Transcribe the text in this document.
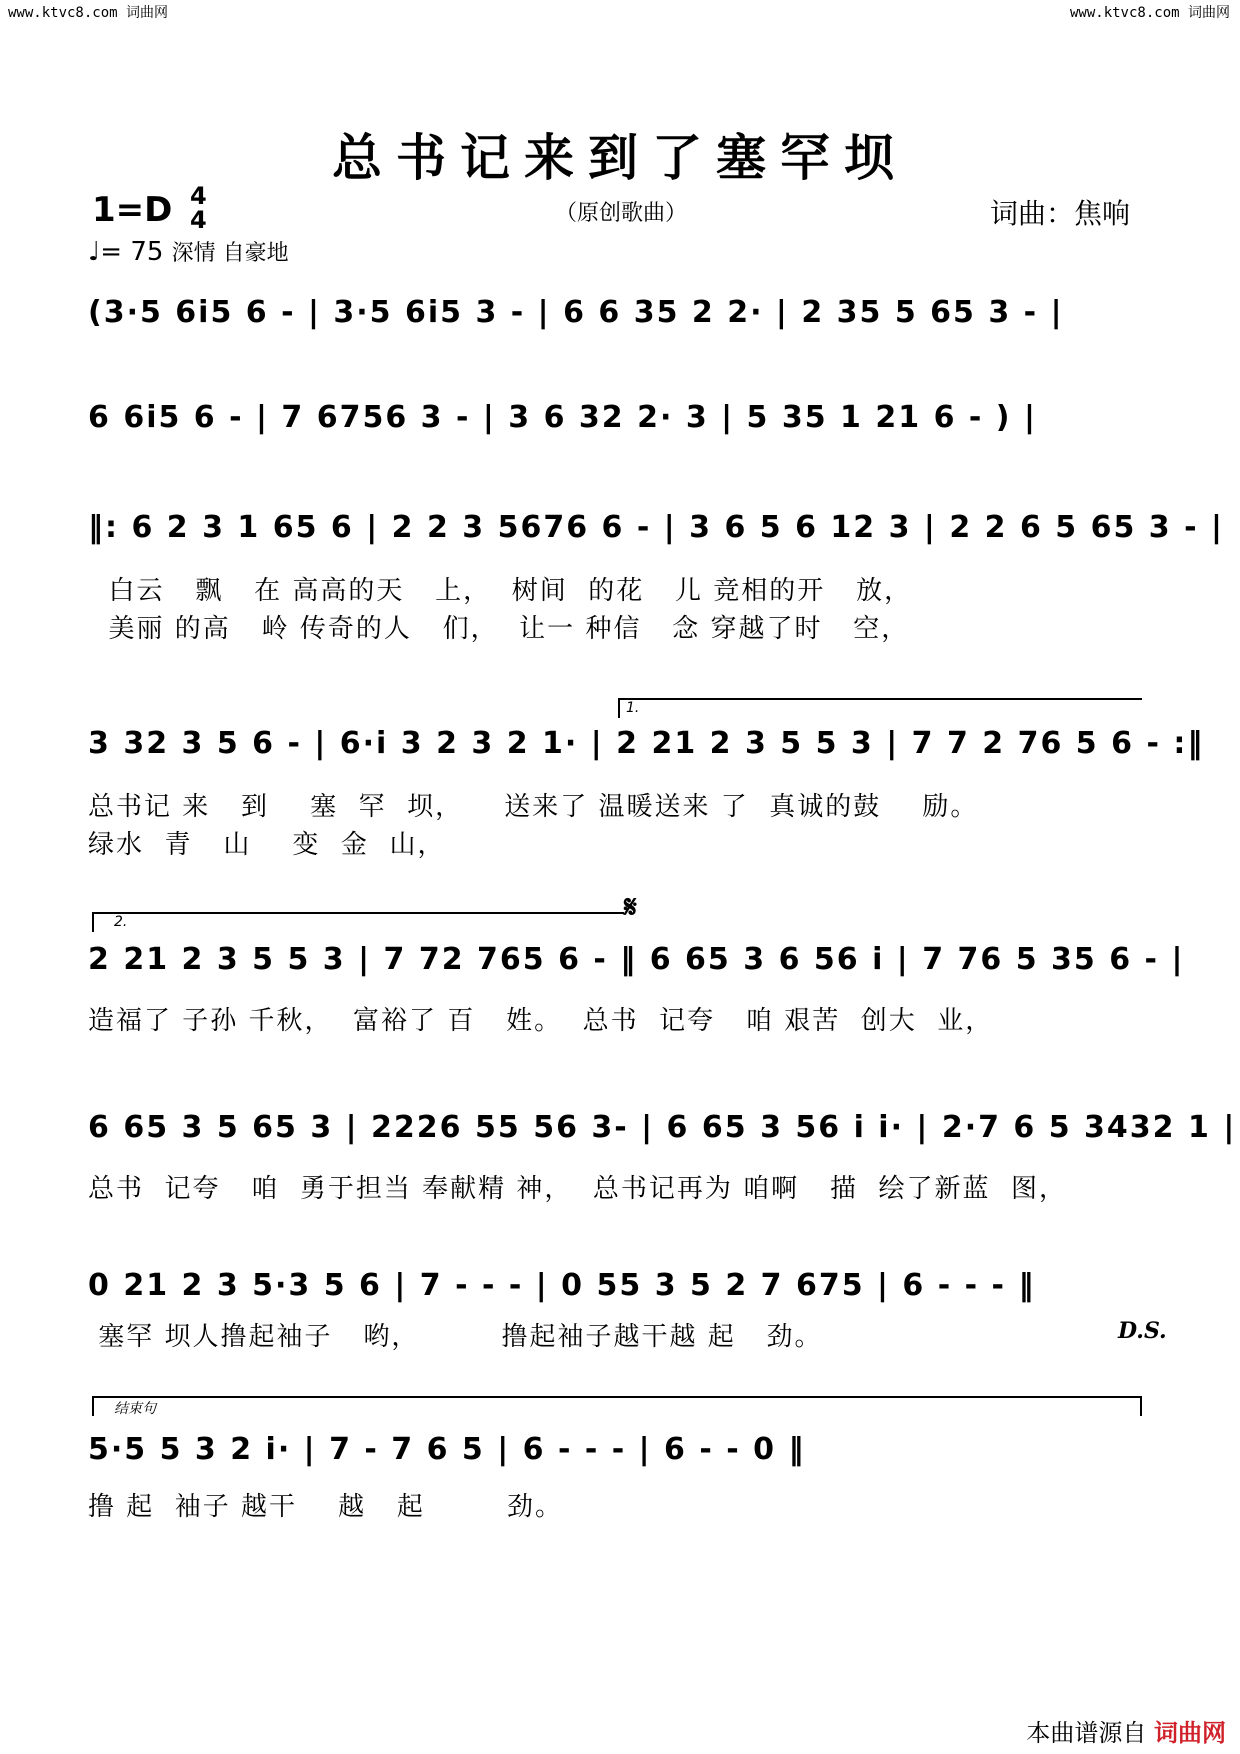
www.ktvc8.com 词曲网	www.ktvc8.com 词曲网
总书记来到了塞罕坝
1=D 4
4
♩= 75 深情 自豪地
（原创歌曲）	词曲：焦响
(3·5 6i5 6 - | 3·5 6i5 3 - | 6 6 35 2 2· | 2 35 5 65 3 - |
6 6i5 6 - | 7 6756 3 - | 3 6 32 2· 3 | 5 35 1 21 6 - ) |
‖: 6 2 3 1 65 6 | 2 2 3 5676 6 - | 3 6 5 6 12 3 | 2 2 6 5 65 3 - |
白云   飘   在 高高的天   上，  树间  的花   儿 竞相的开   放，
美丽 的高   岭 传奇的人   们，  让一 种信   念 穿越了时   空，
1.
3 32 3 5 6 - | 6·i 3 2 3 2 1· | 2 21 2 3 5 5 3 | 7 7 2 76 5 6 - :‖
总书记 来   到    塞  罕  坝，    送来了 温暖送来 了  真诚的鼓    励。
绿水  青   山    变  金  山，
2.	𝄋
2 21 2 3 5 5 3 | 7 72 765 6 - ‖ 6 65 3 6 56 i | 7 76 5 35 6 - |
造福了 子孙 千秋，  富裕了 百   姓。  总书  记夸   咱 艰苦  创大  业，
6 65 3 5 65 3 | 2226 55 56 3- | 6 65 3 56 i i· | 2·7 6 5 3432 1 |
总书  记夸   咱  勇于担当 奉献精 神，  总书记再为 咱啊   描  绘了新蓝  图，
0 21 2 3 5·3 5 6 | 7 - - - | 0 55 3 5 2 7 675 | 6 - - - ‖
塞罕 坝人撸起袖子   哟，        撸起袖子越干越 起   劲。	D.S.
结束句
5·5 5 3 2 i· | 7 - 7 6 5 | 6 - - - | 6 - - 0 ‖
撸 起  袖子 越干    越   起        劲。
本曲谱源自 词曲网
